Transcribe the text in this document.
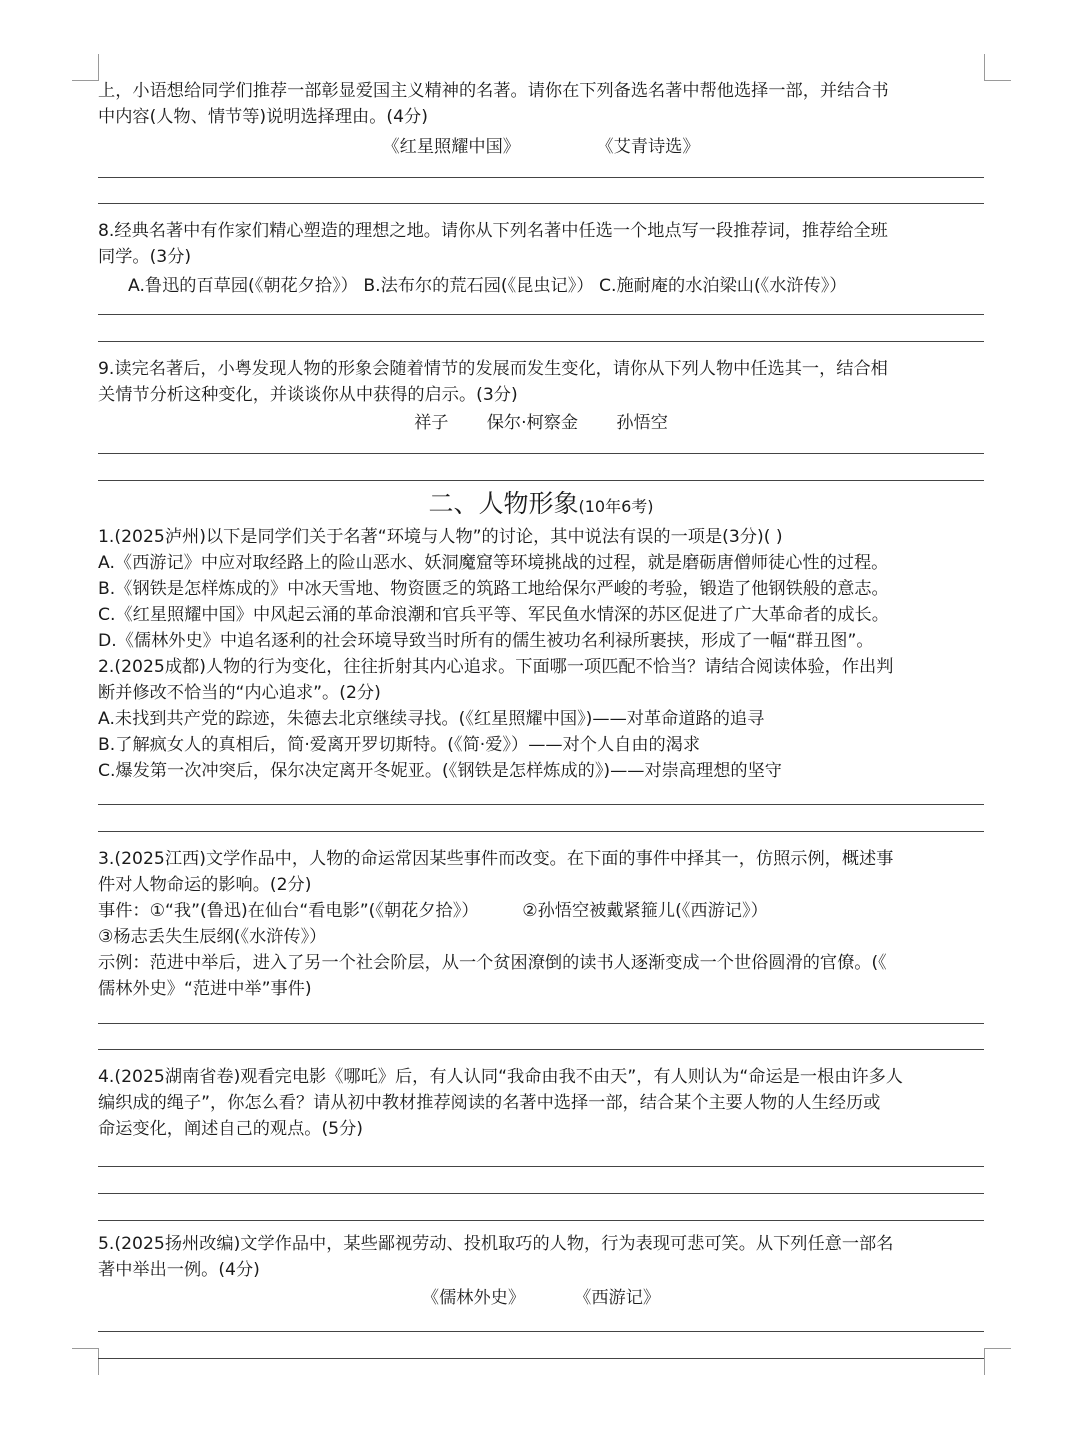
上，小语想给同学们推荐一部彰显爱国主义精神的名著。请你在下列备选名著中帮他选择一部，并结合书
中内容(人物、情节等)说明选择理由。(4分)
《红星照耀中国》              《艾青诗选》
8.经典名著中有作家们精心塑造的理想之地。请你从下列名著中任选一个地点写一段推荐词，推荐给全班
同学。(3分)
A.鲁迅的百草园(《朝花夕拾》） B.法布尔的荒石园(《昆虫记》） C.施耐庵的水泊梁山(《水浒传》）
9.读完名著后，小粤发现人物的形象会随着情节的发展而发生变化，请你从下列人物中任选其一，结合相
关情节分析这种变化，并谈谈你从中获得的启示。(3分)
祥子       保尔·柯察金       孙悟空
二、人物形象(10年6考)
1.(2025泸州)以下是同学们关于名著“环境与人物”的讨论，其中说法有误的一项是(3分)( )
A.《西游记》中应对取经路上的险山恶水、妖洞魔窟等环境挑战的过程，就是磨砺唐僧师徒心性的过程。
B.《钢铁是怎样炼成的》中冰天雪地、物资匮乏的筑路工地给保尔严峻的考验，锻造了他钢铁般的意志。
C.《红星照耀中国》中风起云涌的革命浪潮和官兵平等、军民鱼水情深的苏区促进了广大革命者的成长。
D.《儒林外史》中追名逐利的社会环境导致当时所有的儒生被功名利禄所裹挟，形成了一幅“群丑图”。
2.(2025成都)人物的行为变化，往往折射其内心追求。下面哪一项匹配不恰当？请结合阅读体验，作出判
断并修改不恰当的“内心追求”。(2分)
A.未找到共产党的踪迹，朱德去北京继续寻找。(《红星照耀中国》)——对革命道路的追寻
B.了解疯女人的真相后，简·爱离开罗切斯特。(《简·爱》）——对个人自由的渴求
C.爆发第一次冲突后，保尔决定离开冬妮亚。(《钢铁是怎样炼成的》)——对崇高理想的坚守
3.(2025江西)文学作品中，人物的命运常因某些事件而改变。在下面的事件中择其一，仿照示例，概述事
件对人物命运的影响。(2分)
事件：①“我”(鲁迅)在仙台“看电影”(《朝花夕拾》）        ②孙悟空被戴紧箍儿(《西游记》）
③杨志丢失生辰纲(《水浒传》）
示例：范进中举后，进入了另一个社会阶层，从一个贫困潦倒的读书人逐渐变成一个世俗圆滑的官僚。(《
儒林外史》“范进中举”事件)
4.(2025湖南省卷)观看完电影《哪吒》后，有人认同“我命由我不由天”，有人则认为“命运是一根由许多人
编织成的绳子”，你怎么看？请从初中教材推荐阅读的名著中选择一部，结合某个主要人物的人生经历或
命运变化，阐述自己的观点。(5分)
5.(2025扬州改编)文学作品中，某些鄙视劳动、投机取巧的人物，行为表现可悲可笑。从下列任意一部名
著中举出一例。(4分)
《儒林外史》         《西游记》
